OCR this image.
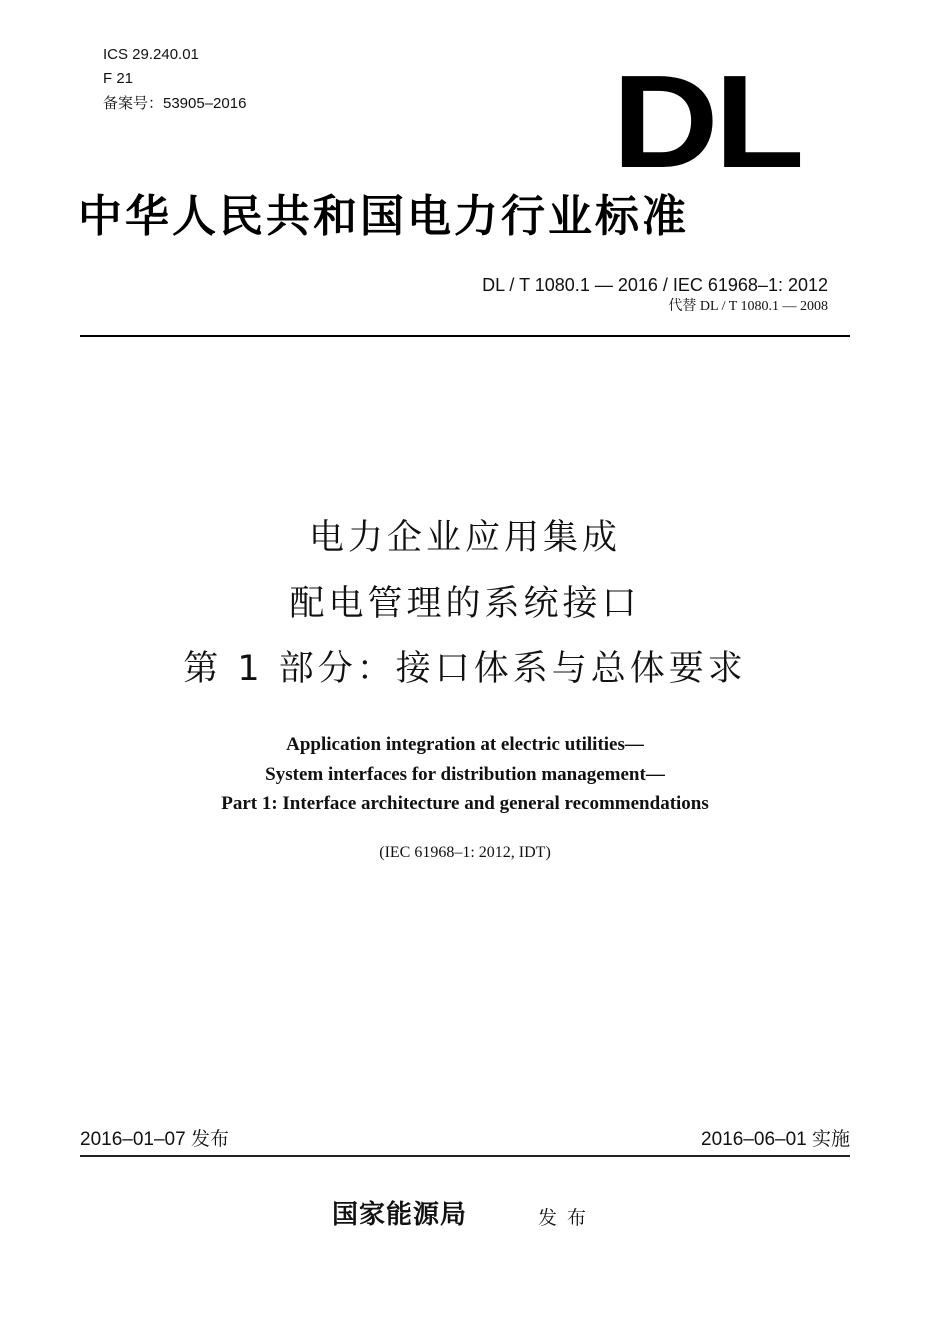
ICS 29.240.01
F 21
备案号：53905–2016	DL
中华人民共和国电力行业标准
DL / T 1080.1 — 2016 / IEC 61968–1: 2012
代替 DL / T 1080.1 — 2008
电力企业应用集成
配电管理的系统接口
第 1 部分：接口体系与总体要求
Application integration at electric utilities—
System interfaces for distribution management—
Part 1: Interface architecture and general recommendations
(IEC 61968–1: 2012, IDT)
2016–01–07 发布	2016–06–01 实施
国家能源局	发布
